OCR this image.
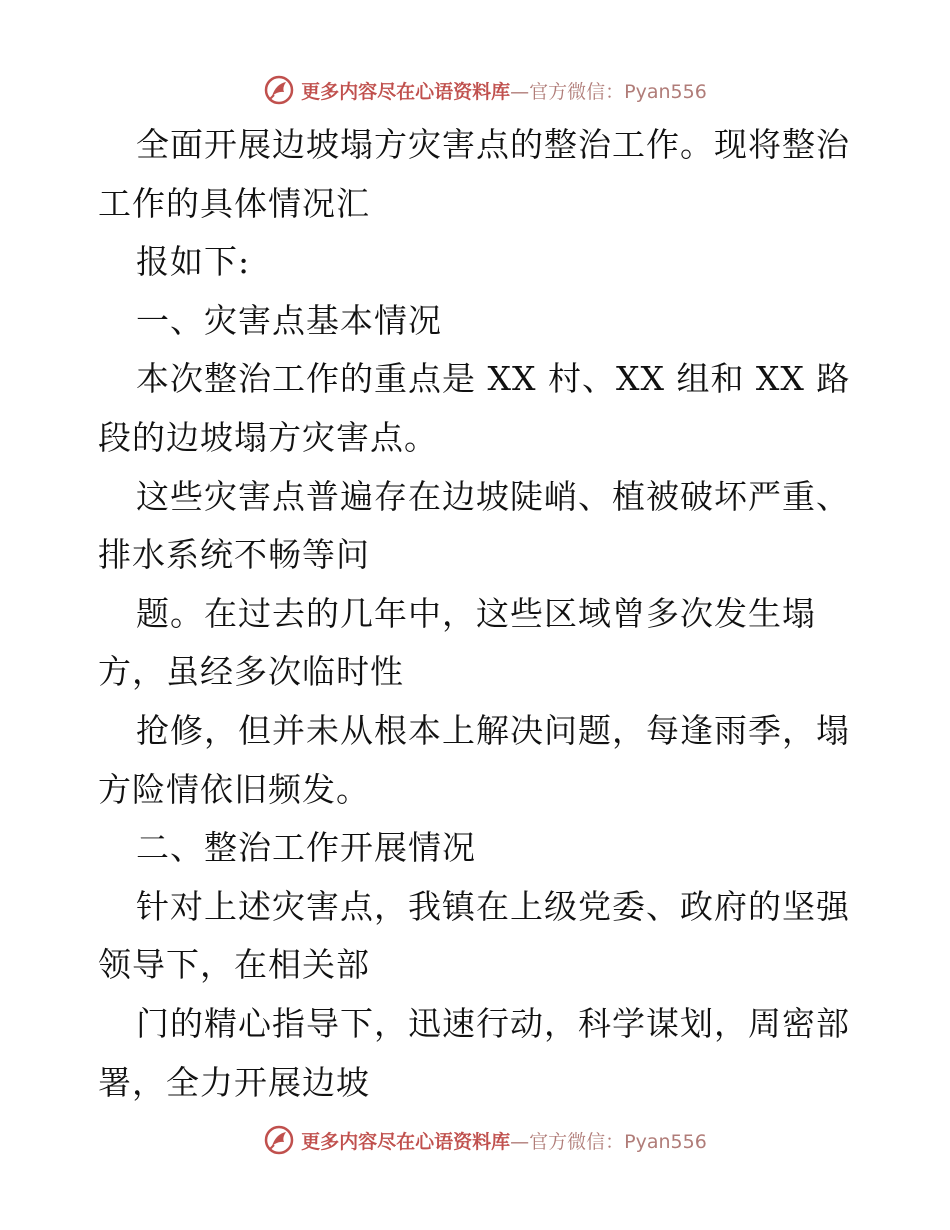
更多内容尽在心语资料库—官方微信：Pyan556
全面开展边坡塌方灾害点的整治工作。现将整治
工作的具体情况汇
报如下:
一、灾害点基本情况
本次整治工作的重点是 XX 村、XX 组和 XX 路
段的边坡塌方灾害点。
这些灾害点普遍存在边坡陡峭、植被破坏严重、
排水系统不畅等问
题。在过去的几年中，这些区域曾多次发生塌
方，虽经多次临时性
抢修，但并未从根本上解决问题，每逢雨季，塌
方险情依旧频发。
二、整治工作开展情况
针对上述灾害点，我镇在上级党委、政府的坚强
领导下，在相关部
门的精心指导下，迅速行动，科学谋划，周密部
署，全力开展边坡
更多内容尽在心语资料库—官方微信：Pyan556
